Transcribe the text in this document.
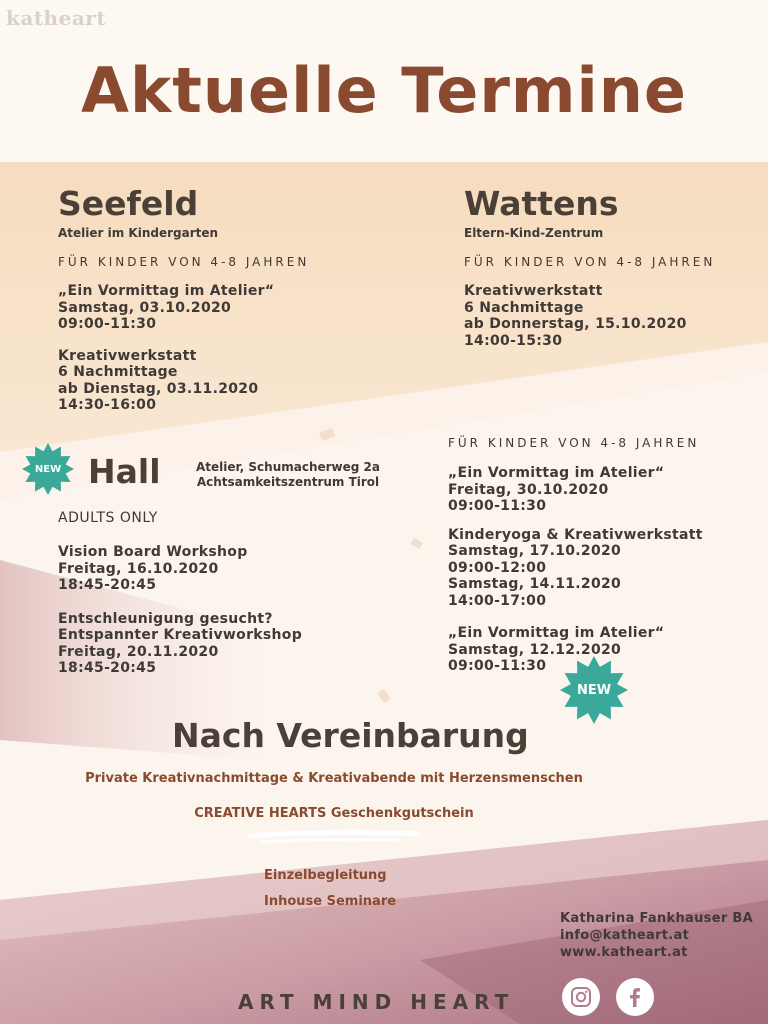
katheart
Aktuelle Termine
Seefeld
Atelier im Kindergarten
FÜR KINDER VON 4-8 JAHREN
„Ein Vormittag im Atelier“
Samstag, 03.10.2020
09:00-11:30
Kreativwerkstatt
6 Nachmittage
ab Dienstag, 03.11.2020
14:30-16:00
Wattens
Eltern-Kind-Zentrum
FÜR KINDER VON 4-8 JAHREN
Kreativwerkstatt
6 Nachmittage
ab Donnerstag, 15.10.2020
14:00-15:30
NEW Hall	Atelier, Schumacherweg 2a
Achtsamkeitszentrum Tirol
ADULTS ONLY
Vision Board Workshop
Freitag, 16.10.2020
18:45-20:45
Entschleunigung gesucht?
Entspannter Kreativworkshop
Freitag, 20.11.2020
18:45-20:45
FÜR KINDER VON 4-8 JAHREN
„Ein Vormittag im Atelier“
Freitag, 30.10.2020
09:00-11:30
Kinderyoga & Kreativwerkstatt
Samstag, 17.10.2020
09:00-12:00
Samstag, 14.11.2020
14:00-17:00
„Ein Vormittag im Atelier“
Samstag, 12.12.2020
09:00-11:30
NEW
Nach Vereinbarung
Private Kreativnachmittage & Kreativabende mit Herzensmenschen
CREATIVE HEARTS Geschenkgutschein
Einzelbegleitung
Inhouse Seminare
Katharina Fankhauser BA
info@katheart.at
www.katheart.at
ART MIND HEART
